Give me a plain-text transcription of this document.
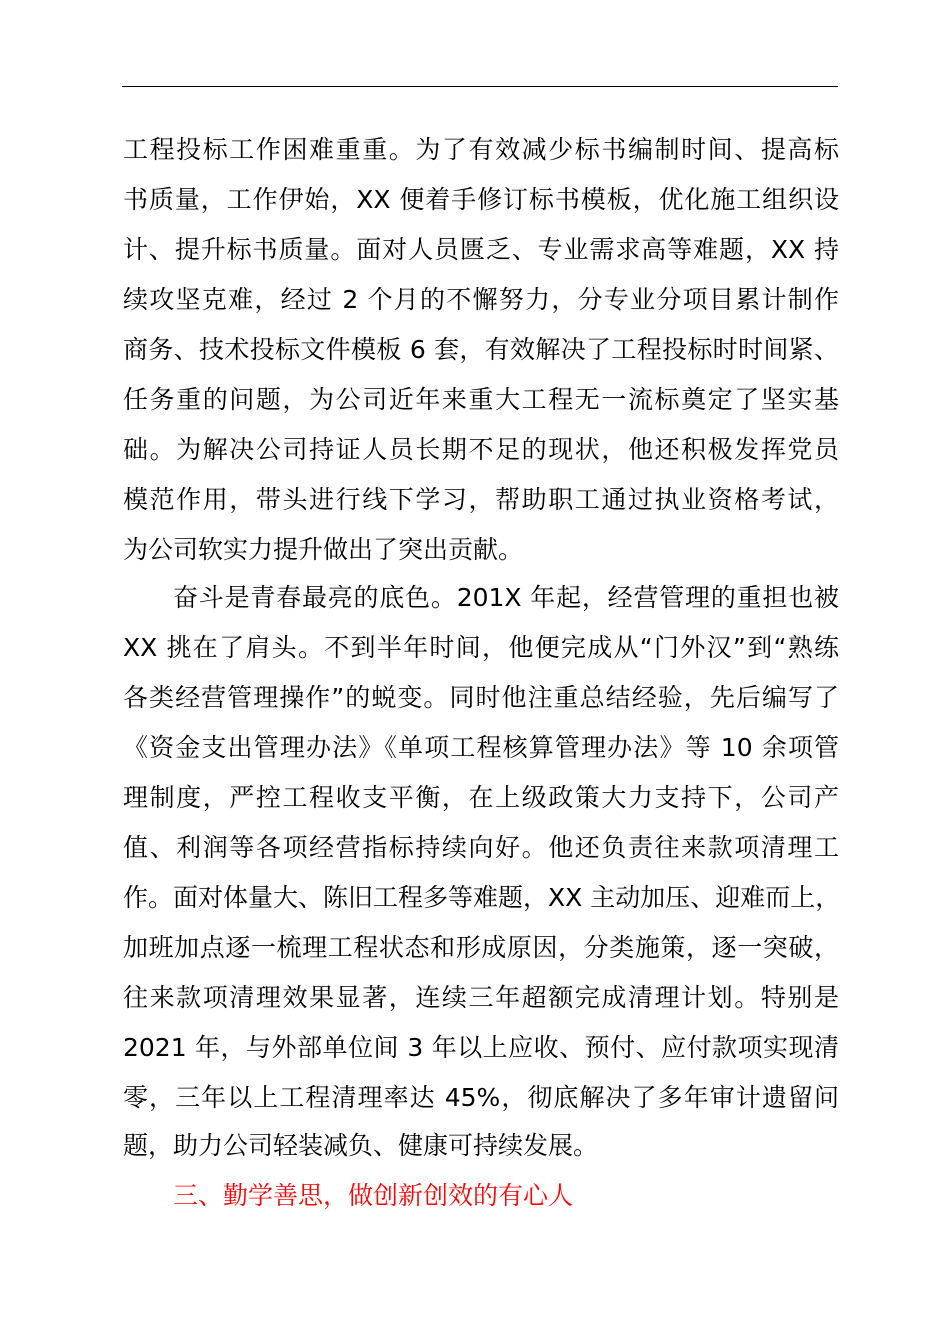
工程投标工作困难重重。为了有效减少标书编制时间、提高标
书质量，工作伊始，XX 便着手修订标书模板，优化施工组织设
计、提升标书质量。面对人员匮乏、专业需求高等难题，XX 持
续攻坚克难，经过 2 个月的不懈努力，分专业分项目累计制作
商务、技术投标文件模板 6 套，有效解决了工程投标时时间紧、
任务重的问题，为公司近年来重大工程无一流标奠定了坚实基
础。为解决公司持证人员长期不足的现状，他还积极发挥党员
模范作用，带头进行线下学习，帮助职工通过执业资格考试，
为公司软实力提升做出了突出贡献。
奋斗是青春最亮的底色。201X 年起，经营管理的重担也被
XX 挑在了肩头。不到半年时间，他便完成从“门外汉”到“熟练
各类经营管理操作”的蜕变。同时他注重总结经验，先后编写了
《资金支出管理办法》《单项工程核算管理办法》等 10 余项管
理制度，严控工程收支平衡，在上级政策大力支持下，公司产
值、利润等各项经营指标持续向好。他还负责往来款项清理工
作。面对体量大、陈旧工程多等难题，XX 主动加压、迎难而上，
加班加点逐一梳理工程状态和形成原因，分类施策，逐一突破，
往来款项清理效果显著，连续三年超额完成清理计划。特别是
2021 年，与外部单位间 3 年以上应收、预付、应付款项实现清
零，三年以上工程清理率达 45%，彻底解决了多年审计遗留问
题，助力公司轻装减负、健康可持续发展。
三、勤学善思，做创新创效的有心人
